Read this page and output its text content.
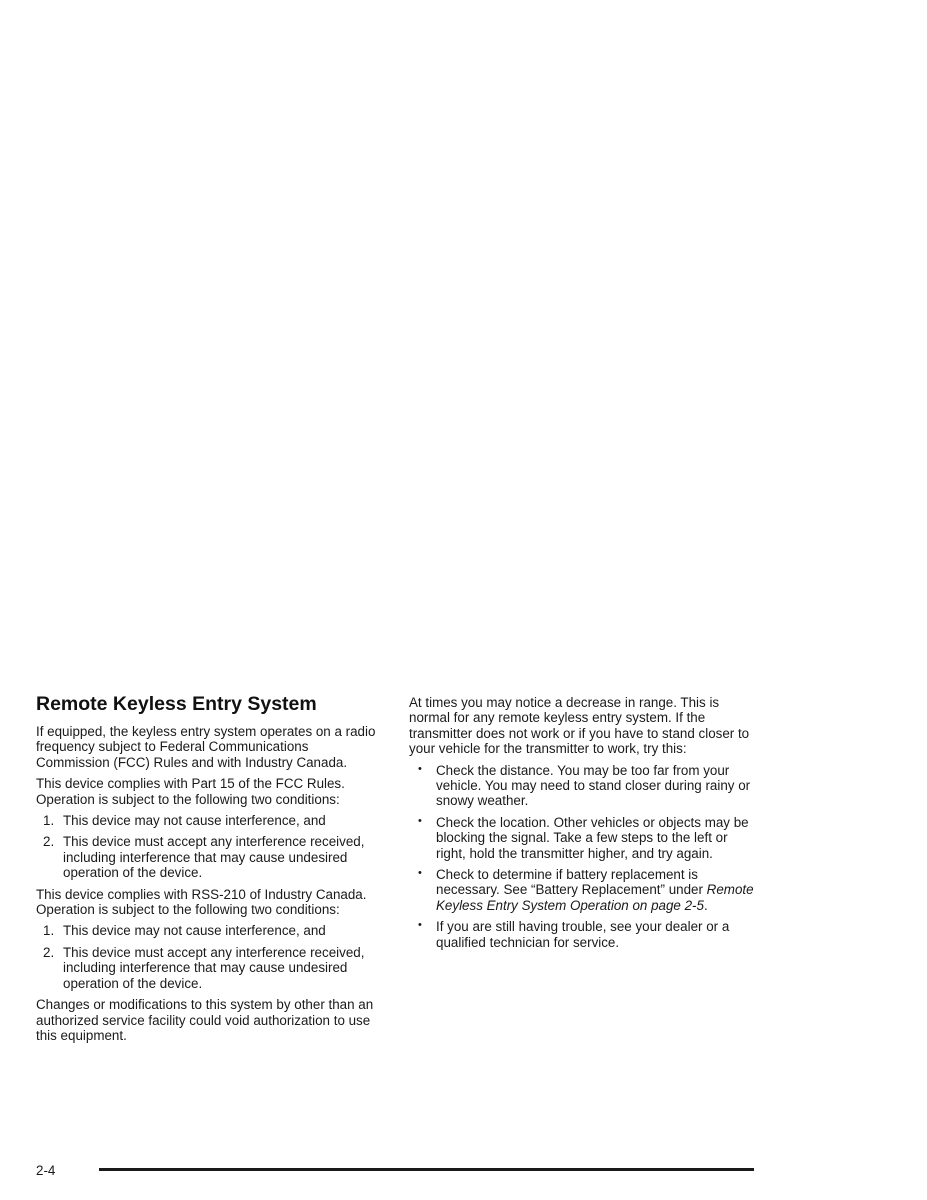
Remote Keyless Entry System

If equipped, the keyless entry system operates on a radio frequency subject to Federal Communications Commission (FCC) Rules and with Industry Canada.

This device complies with Part 15 of the FCC Rules. Operation is subject to the following two conditions:

1. This device may not cause interference, and
2. This device must accept any interference received, including interference that may cause undesired operation of the device.

This device complies with RSS-210 of Industry Canada. Operation is subject to the following two conditions:

1. This device may not cause interference, and
2. This device must accept any interference received, including interference that may cause undesired operation of the device.

Changes or modifications to this system by other than an authorized service facility could void authorization to use this equipment.

At times you may notice a decrease in range. This is normal for any remote keyless entry system. If the transmitter does not work or if you have to stand closer to your vehicle for the transmitter to work, try this:

• Check the distance. You may be too far from your vehicle. You may need to stand closer during rainy or snowy weather.
• Check the location. Other vehicles or objects may be blocking the signal. Take a few steps to the left or right, hold the transmitter higher, and try again.
• Check to determine if battery replacement is necessary. See “Battery Replacement” under Remote Keyless Entry System Operation on page 2-5.
• If you are still having trouble, see your dealer or a qualified technician for service.
2-4
